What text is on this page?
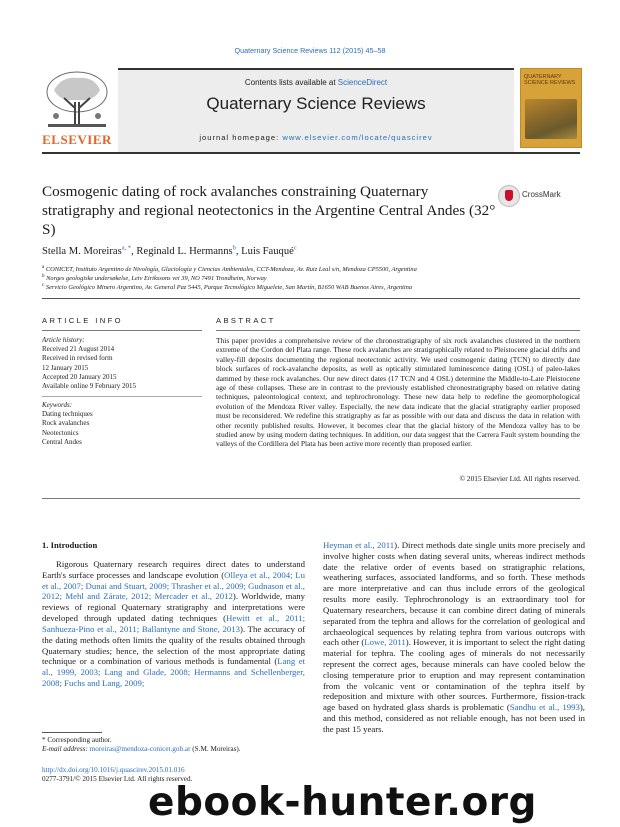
Quaternary Science Reviews 112 (2015) 45–58
ELSEVIER
Contents lists available at ScienceDirect
Quaternary Science Reviews
journal homepage: www.elsevier.com/locate/quascirev
QUATERNARY SCIENCE REVIEWS
Cosmogenic dating of rock avalanches constraining Quaternary stratigraphy and regional neotectonics in the Argentine Central Andes (32° S)
CrossMark
Stella M. Moreiras$^{a, *}$, Reginald L. Hermanns$^b$, Luis Fauqué$^c$
$^a$ CONICET, Instituto Argentino de Nivología, Glaciología y Ciencias Ambientales, CCT-Mendoza, Av. Ruiz Leal s/n, Mendoza CP5500, Argentina
$^b$ Norges geologiske undersøkelse, Leiv Eirikssons vei 39, NO 7491 Trondheim, Norway
$^c$ Servicio Geológico Minero Argentino, Av. General Paz 5445, Parque Tecnológico Miguelete, San Martín, B1650 WAB Buenos Aires, Argentina
ARTICLE INFO
Article history:
Received 21 August 2014
Received in revised form
12 January 2015
Accepted 20 January 2015
Available online 9 February 2015
Keywords:
Dating techniques
Rock avalanches
Neotectonics
Central Andes
ABSTRACT
This paper provides a comprehensive review of the chronostratigraphy of six rock avalanches clustered in the northern extreme of the Cordon del Plata range. These rock avalanches are stratigraphically related to Pleistocene glacial drifts and valley-fill deposits documenting the regional neotectonic activity. We used cosmogenic dating (TCN) to directly date block surfaces of rock-avalanche deposits, as well as optically stimulated luminescence dating (OSL) of paleo-lakes dammed by these rock avalanches. Our new direct dates (17 TCN and 4 OSL) determine the Middle-to-Late Pleistocene age of these collapses. These are in contrast to the previously established chronostratigraphy based on relative dating techniques, paleontological context, and tephrochronology. These new data help to redefine the geomorphological evolution of the Mendoza River valley. Especially, the new data indicate that the glacial stratigraphy earlier proposed must be reconsidered. We redefine this stratigraphy as far as possible with our data and discuss the data in relation with other recently published results. However, it becomes clear that the glacial history of the Mendoza valley has to be studied anew by using modern dating techniques. In addition, our data suggest that the Carrera Fault system bounding the valleys of the Cordillera del Plata has been active more recently than proposed earlier.
© 2015 Elsevier Ltd. All rights reserved.
1. Introduction
Rigorous Quaternary research requires direct dates to understand Earth's surface processes and landscape evolution (Olleya et al., 2004; Lu et al., 2007; Dunai and Stuart, 2009; Thrasher et al., 2009; Gudnason et al., 2012; Mehl and Zárate, 2012; Mercader et al., 2012). Worldwide, many reviews of regional Quaternary stratigraphy and interpretations were developed through updated dating techniques (Hewitt et al., 2011; Sanhueza-Pino et al., 2011; Ballantyne and Stone, 2013). The accuracy of the dating methods often limits the quality of the results obtained through Quaternary studies; hence, the selection of the most appropriate dating technique or a combination of various methods is fundamental (Lang et al., 1999, 2003; Lang and Glade, 2008; Hermanns and Schellenberger, 2008; Fuchs and Lang, 2009;
Heyman et al., 2011). Direct methods date single units more precisely and involve higher costs when dating several units, whereas indirect methods date the relative order of events based on stratigraphic relations, weathering surfaces, associated landforms, and so forth. These methods are more interpretative and can thus include errors of the geological results more easily. Tephrochronology is an extraordinary tool for Quaternary researchers, because it can combine direct dating of minerals separated from the tephra and allows for the correlation of geological and archaeological sequences by relating tephra from various outcrops with each other (Lowe, 2011). However, it is important to select the right dating material for tephra. The cooling ages of minerals do not necessarily represent the correct ages, because minerals can have cooled below the closing temperature prior to eruption and may represent contamination from the volcanic vent or contamination of the tephra itself by redeposition and mixture with other sources. Furthermore, fission-track age based on hydrated glass shards is problematic (Sandhu et al., 1993), and this method, considered as not reliable enough, has not been used in the past 15 years.
* Corresponding author.
E-mail address: moreiras@mendoza-conicet.gob.ar (S.M. Moreiras).
http://dx.doi.org/10.1016/j.quascirev.2015.01.016
0277-3791/© 2015 Elsevier Ltd. All rights reserved.
ebook-hunter.org
